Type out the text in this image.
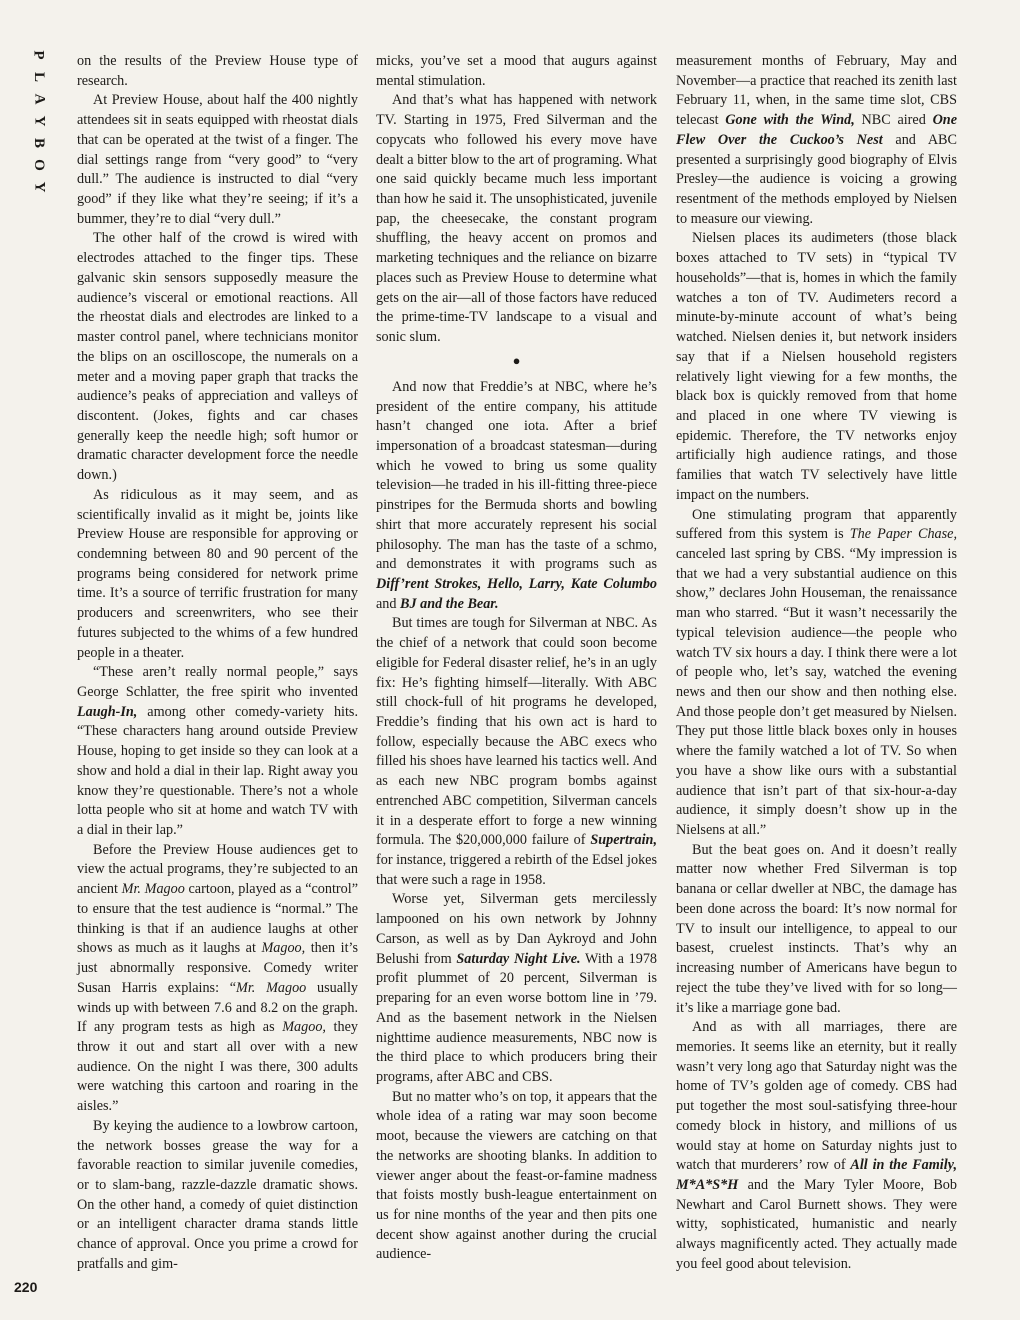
P
L
A
Y
B
O
Y

on the results of the Preview House type of research.

At Preview House, about half the 400 nightly attendees sit in seats equipped with rheostat dials that can be operated at the twist of a finger. The dial settings range from “very good” to “very dull.” The audience is instructed to dial “very good” if they like what they’re seeing; if it’s a bummer, they’re to dial “very dull.”

The other half of the crowd is wired with electrodes attached to the finger tips. These galvanic skin sensors supposedly measure the audience’s visceral or emotional reactions. All the rheostat dials and electrodes are linked to a master control panel, where technicians monitor the blips on an oscilloscope, the numerals on a meter and a moving paper graph that tracks the audience’s peaks of appreciation and valleys of discontent. (Jokes, fights and car chases generally keep the needle high; soft humor or dramatic character development force the needle down.)

As ridiculous as it may seem, and as scientifically invalid as it might be, joints like Preview House are responsible for approving or condemning between 80 and 90 percent of the programs being considered for network prime time. It’s a source of terrific frustration for many producers and screenwriters, who see their futures subjected to the whims of a few hundred people in a theater.

“These aren’t really normal people,” says George Schlatter, the free spirit who invented Laugh-In, among other comedy-variety hits. “These characters hang around outside Preview House, hoping to get inside so they can look at a show and hold a dial in their lap. Right away you know they’re questionable. There’s not a whole lotta people who sit at home and watch TV with a dial in their lap.”

Before the Preview House audiences get to view the actual programs, they’re subjected to an ancient Mr. Magoo cartoon, played as a “control” to ensure that the test audience is “normal.” The thinking is that if an audience laughs at other shows as much as it laughs at Magoo, then it’s just abnormally responsive. Comedy writer Susan Harris explains: “Mr. Magoo usually winds up with between 7.6 and 8.2 on the graph. If any program tests as high as Magoo, they throw it out and start all over with a new audience. On the night I was there, 300 adults were watching this cartoon and roaring in the aisles.”

By keying the audience to a lowbrow cartoon, the network bosses grease the way for a favorable reaction to similar juvenile comedies, or to slam-bang, razzle-dazzle dramatic shows. On the other hand, a comedy of quiet distinction or an intelligent character drama stands little chance of approval. Once you prime a crowd for pratfalls and gim-

micks, you’ve set a mood that augurs against mental stimulation.

And that’s what has happened with network TV. Starting in 1975, Fred Silverman and the copycats who followed his every move have dealt a bitter blow to the art of programing. What one said quickly became much less important than how he said it. The unsophisticated, juvenile pap, the cheesecake, the constant program shuffling, the heavy accent on promos and marketing techniques and the reliance on bizarre places such as Preview House to determine what gets on the air—all of those factors have reduced the prime-time-TV landscape to a visual and sonic slum.

●

And now that Freddie’s at NBC, where he’s president of the entire company, his attitude hasn’t changed one iota. After a brief impersonation of a broadcast statesman—during which he vowed to bring us some quality television—he traded in his ill-fitting three-piece pinstripes for the Bermuda shorts and bowling shirt that more accurately represent his social philosophy. The man has the taste of a schmo, and demonstrates it with programs such as Diff’rent Strokes, Hello, Larry, Kate Columbo and BJ and the Bear.

But times are tough for Silverman at NBC. As the chief of a network that could soon become eligible for Federal disaster relief, he’s in an ugly fix: He’s fighting himself—literally. With ABC still chock-full of hit programs he developed, Freddie’s finding that his own act is hard to follow, especially because the ABC execs who filled his shoes have learned his tactics well. And as each new NBC program bombs against entrenched ABC competition, Silverman cancels it in a desperate effort to forge a new winning formula. The $20,000,000 failure of Supertrain, for instance, triggered a rebirth of the Edsel jokes that were such a rage in 1958.

Worse yet, Silverman gets mercilessly lampooned on his own network by Johnny Carson, as well as by Dan Aykroyd and John Belushi from Saturday Night Live. With a 1978 profit plummet of 20 percent, Silverman is preparing for an even worse bottom line in ’79. And as the basement network in the Nielsen nighttime audience measurements, NBC now is the third place to which producers bring their programs, after ABC and CBS.

But no matter who’s on top, it appears that the whole idea of a rating war may soon become moot, because the viewers are catching on that the networks are shooting blanks. In addition to viewer anger about the feast-or-famine madness that foists mostly bush-league entertainment on us for nine months of the year and then pits one decent show against another during the crucial audience-

measurement months of February, May and November—a practice that reached its zenith last February 11, when, in the same time slot, CBS telecast Gone with the Wind, NBC aired One Flew Over the Cuckoo’s Nest and ABC presented a surprisingly good biography of Elvis Presley—the audience is voicing a growing resentment of the methods employed by Nielsen to measure our viewing.

Nielsen places its audimeters (those black boxes attached to TV sets) in “typical TV households”—that is, homes in which the family watches a ton of TV. Audimeters record a minute-by-minute account of what’s being watched. Nielsen denies it, but network insiders say that if a Nielsen household registers relatively light viewing for a few months, the black box is quickly removed from that home and placed in one where TV viewing is epidemic. Therefore, the TV networks enjoy artificially high audience ratings, and those families that watch TV selectively have little impact on the numbers.

One stimulating program that apparently suffered from this system is The Paper Chase, canceled last spring by CBS. “My impression is that we had a very substantial audience on this show,” declares John Houseman, the renaissance man who starred. “But it wasn’t necessarily the typical television audience—the people who watch TV six hours a day. I think there were a lot of people who, let’s say, watched the evening news and then our show and then nothing else. And those people don’t get measured by Nielsen. They put those little black boxes only in houses where the family watched a lot of TV. So when you have a show like ours with a substantial audience that isn’t part of that six-hour-a-day audience, it simply doesn’t show up in the Nielsens at all.”

But the beat goes on. And it doesn’t really matter now whether Fred Silverman is top banana or cellar dweller at NBC, the damage has been done across the board: It’s now normal for TV to insult our intelligence, to appeal to our basest, cruelest instincts. That’s why an increasing number of Americans have begun to reject the tube they’ve lived with for so long—it’s like a marriage gone bad.

And as with all marriages, there are memories. It seems like an eternity, but it really wasn’t very long ago that Saturday night was the home of TV’s golden age of comedy. CBS had put together the most soul-satisfying three-hour comedy block in history, and millions of us would stay at home on Saturday nights just to watch that murderers’ row of All in the Family, M*A*S*H and the Mary Tyler Moore, Bob Newhart and Carol Burnett shows. They were witty, sophisticated, humanistic and nearly always magnificently acted. They actually made you feel good about television.

220
